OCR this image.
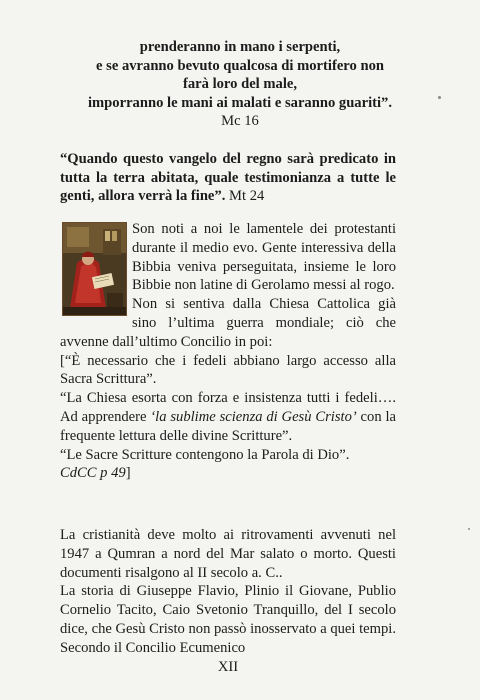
prenderanno in mano i serpenti,
e se avranno bevuto qualcosa di mortifero non
farà loro del male,
imporranno le mani ai malati e saranno guariti”.
Mc 16
“Quando questo vangelo del regno sarà predicato in tutta la terra abitata, quale testimonianza a tutte le genti, allora verrà la fine”. Mt 24

Son noti a noi le lamentele dei protestanti durante il medio evo. Gente interessiva della Bibbia veniva perseguitata, insieme le loro Bibbie non latine di Gerolamo messi al rogo.

Non si sentiva dalla Chiesa Cattolica già sino l’ultima guerra mondiale; ciò che avvenne dall’ultimo Concilio in poi:

[“È necessario che i fedeli abbiano largo accesso alla Sacra Scrittura”.

“La Chiesa esorta con forza e insistenza tutti i fedeli…. Ad apprendere ‘la sublime scienza di Gesù Cristo’ con la frequente lettura delle divine Scritture”.

“Le Sacre Scritture contengono la Parola di Dio”.
CdCC p 49]

La cristianità deve molto ai ritrovamenti avvenuti nel 1947 a Qumran a nord del Mar salato o morto. Questi documenti risalgono al II secolo a. C..

La storia di Giuseppe Flavio, Plinio il Giovane, Publio Cornelio Tacito, Caio Svetonio Tranquillo, del I secolo dice, che Gesù Cristo non passò inosservato a quei tempi.       Secondo il Concilio Ecumenico

XII
